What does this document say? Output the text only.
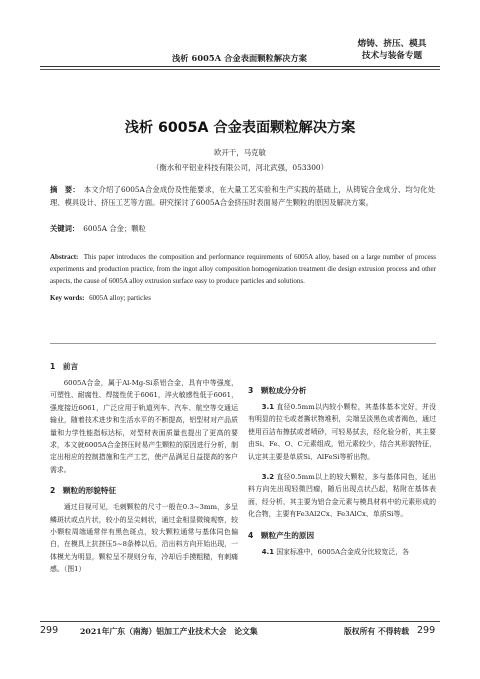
浅析 6005A 合金表面颗粒解决方案
熔铸、挤压、模具
技术与装备专题
浅析 6005A 合金表面颗粒解决方案
欧开干，马克敏
（衡水和平铝业科技有限公司，河北武强，053300）
摘　要： 本文介绍了6005A合金成份及性能要求，在大量工艺实验和生产实践的基础上，从铸锭合金成分、均匀化处理、模具设计、挤压工艺等方面。研究探讨了6005A合金挤压时表面易产生颗粒的原因及解决方案。
关键词： 6005A 合金；颗粒
Abstract: This paper introduces the composition and performance requirements of 6005A alloy, based on a large number of process experiments and production practice, from the ingot alloy composition homogenization treatment die design extrusion process and other aspects, the cause of 6005A alloy extrusion surface easy to produce particles and solutions.
Key words: 6005A alloy; particles
1　前言

6005A合金，属于Al-Mg-Si系铝合金，具有中等强度，可塑性、耐腐性、焊接性优于6061，淬火敏感性低于6061，强度接近6061，广泛应用于轨道列车、汽车、航空等交通运输业，随着技术进步和生活水平的不断提高，铝型材对产品质量和力学性能指标达标，对型材表面质量也提出了更高的要求，本文就6005A合金挤压时易产生颗粒的原因进行分析，制定出相应的控制措施和生产工艺，使产品满足日益提高的客户需求。

2　颗粒的形貌特征

通过目视可见，毛刺颗粒的尺寸一般在0.3~3mm，多呈鳞斑状或点片状，较小的呈尖刺状，通过金相显微镜观察，较小颗粒周端通常伴有黑色斑点，较大颗粒通常与基体同色偏白，在模具上抗挤压5~8条棒以后，沿出料方向开始出现，一体模尤为明显，颗粒呈不规则分布，冷却后手摸粗糙，有刺痛感。（图1）

3　颗粒成分分析

3.1 直径0.5mm以内较小颗粒，其基体基本完好，并没有明显的拉毛或者撕状物堆积，尖端呈淡黑色或者褐色，通过使用百洁布擦拭或者喷砂，可轻易拭去，经化验分析，其主要由Si、Fe、O、C元素组成，铝元素较少，结合其形貌特征，认定其主要是单质Si、AlFeSi等析出物。

3.2 直径0.5mm以上的较大颗粒，多与基体同色，延出料方向先出现轻微凹瘤，随后出现点状凸起，粘附在基体表面，经分析，其主要为铝合金元素与模具材料中的元素形成的化合物，主要有Fe3Al2Cx、Fe3AlCx、单质Si等。

4　颗粒产生的原因

4.1 国家标准中，6005A合金成分比较宽泛，各

299	2021年广东（南海）铝加工产业技术大会　论文集	版权所有 不得转载 299
